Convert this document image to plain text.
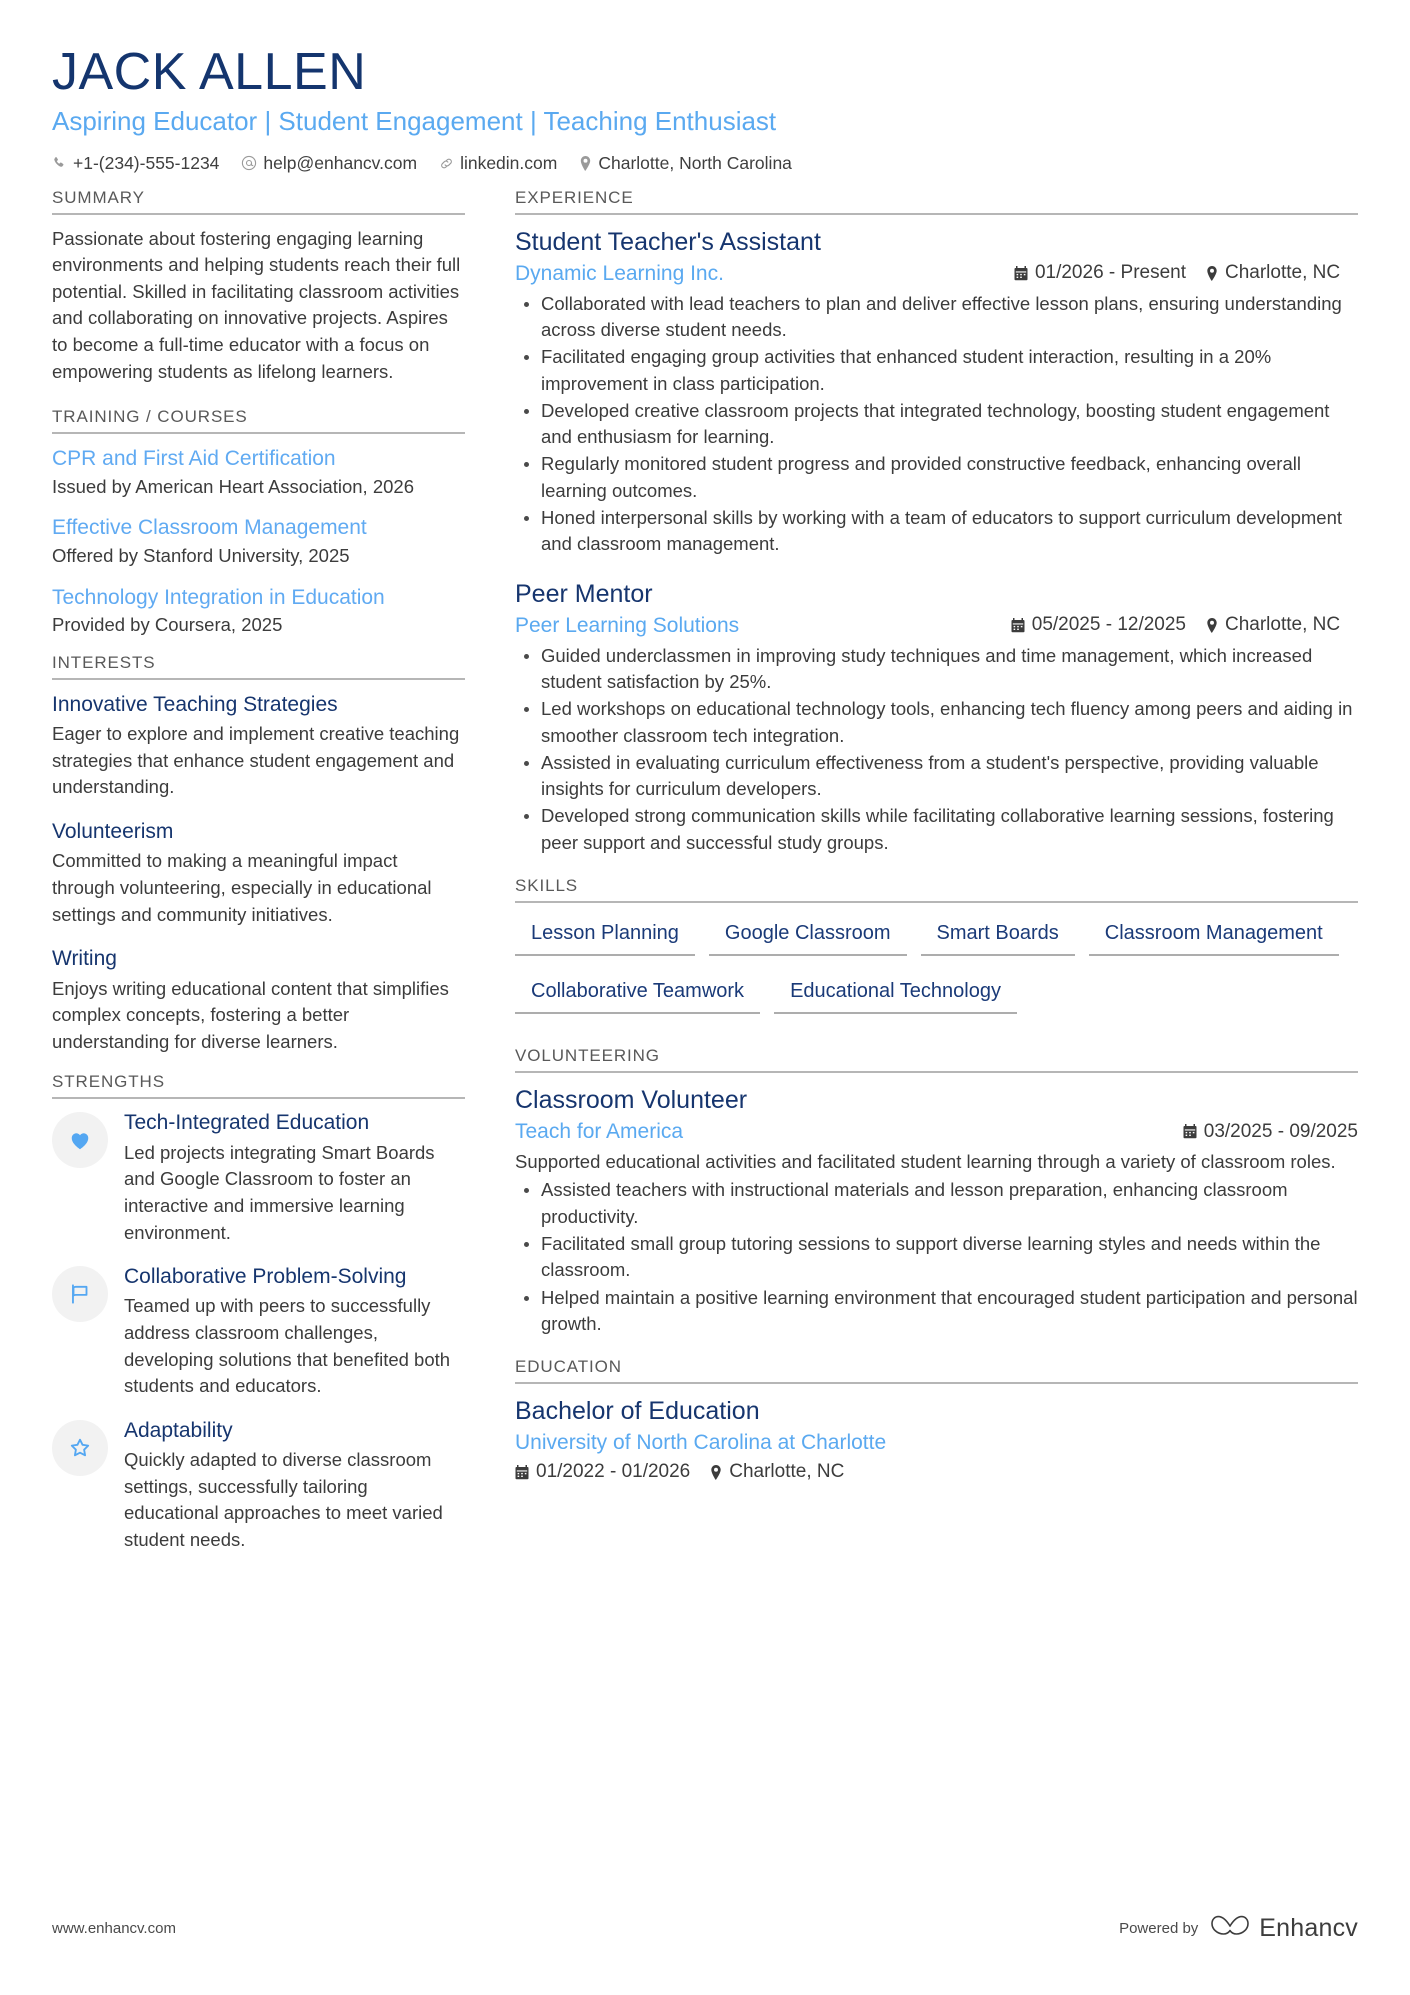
JACK ALLEN
Aspiring Educator | Student Engagement | Teaching Enthusiast
+1-(234)-555-1234	help@enhancv.com linkedin.com Charlotte, North Carolina
SUMMARY
Passionate about fostering engaging learning environments and helping students reach their full potential. Skilled in facilitating classroom activities and collaborating on innovative projects. Aspires to become a full-time educator with a focus on empowering students as lifelong learners.
TRAINING / COURSES
CPR and First Aid Certification
Issued by American Heart Association, 2026
Effective Classroom Management
Offered by Stanford University, 2025
Technology Integration in Education
Provided by Coursera, 2025
INTERESTS
Innovative Teaching Strategies
Eager to explore and implement creative teaching strategies that enhance student engagement and understanding.
Volunteerism
Committed to making a meaningful impact through volunteering, especially in educational settings and community initiatives.
Writing
Enjoys writing educational content that simplifies complex concepts, fostering a better understanding for diverse learners.
STRENGTHS
Tech-Integrated Education
Led projects integrating Smart Boards and Google Classroom to foster an interactive and immersive learning environment.
Collaborative Problem-Solving
Teamed up with peers to successfully address classroom challenges, developing solutions that benefited both students and educators.
Adaptability
Quickly adapted to diverse classroom settings, successfully tailoring educational approaches to meet varied student needs.
EXPERIENCE
Student Teacher's Assistant
Dynamic Learning Inc.	01/2026 - Present Charlotte, NC
Collaborated with lead teachers to plan and deliver effective lesson plans, ensuring understanding across diverse student needs.
Facilitated engaging group activities that enhanced student interaction, resulting in a 20% improvement in class participation.
Developed creative classroom projects that integrated technology, boosting student engagement and enthusiasm for learning.
Regularly monitored student progress and provided constructive feedback, enhancing overall learning outcomes.
Honed interpersonal skills by working with a team of educators to support curriculum development and classroom management.
Peer Mentor
Peer Learning Solutions	05/2025 - 12/2025 Charlotte, NC
Guided underclassmen in improving study techniques and time management, which increased student satisfaction by 25%.
Led workshops on educational technology tools, enhancing tech fluency among peers and aiding in smoother classroom tech integration.
Assisted in evaluating curriculum effectiveness from a student's perspective, providing valuable insights for curriculum developers.
Developed strong communication skills while facilitating collaborative learning sessions, fostering peer support and successful study groups.
SKILLS
Lesson Planning	Google Classroom	Smart Boards	Classroom Management
Collaborative Teamwork	Educational Technology
VOLUNTEERING
Classroom Volunteer
Teach for America	03/2025 - 09/2025
Supported educational activities and facilitated student learning through a variety of classroom roles.
Assisted teachers with instructional materials and lesson preparation, enhancing classroom productivity.
Facilitated small group tutoring sessions to support diverse learning styles and needs within the classroom.
Helped maintain a positive learning environment that encouraged student participation and personal growth.
EDUCATION
Bachelor of Education
University of North Carolina at Charlotte
01/2022 - 01/2026 Charlotte, NC
www.enhancv.com	Powered by Enhancv
